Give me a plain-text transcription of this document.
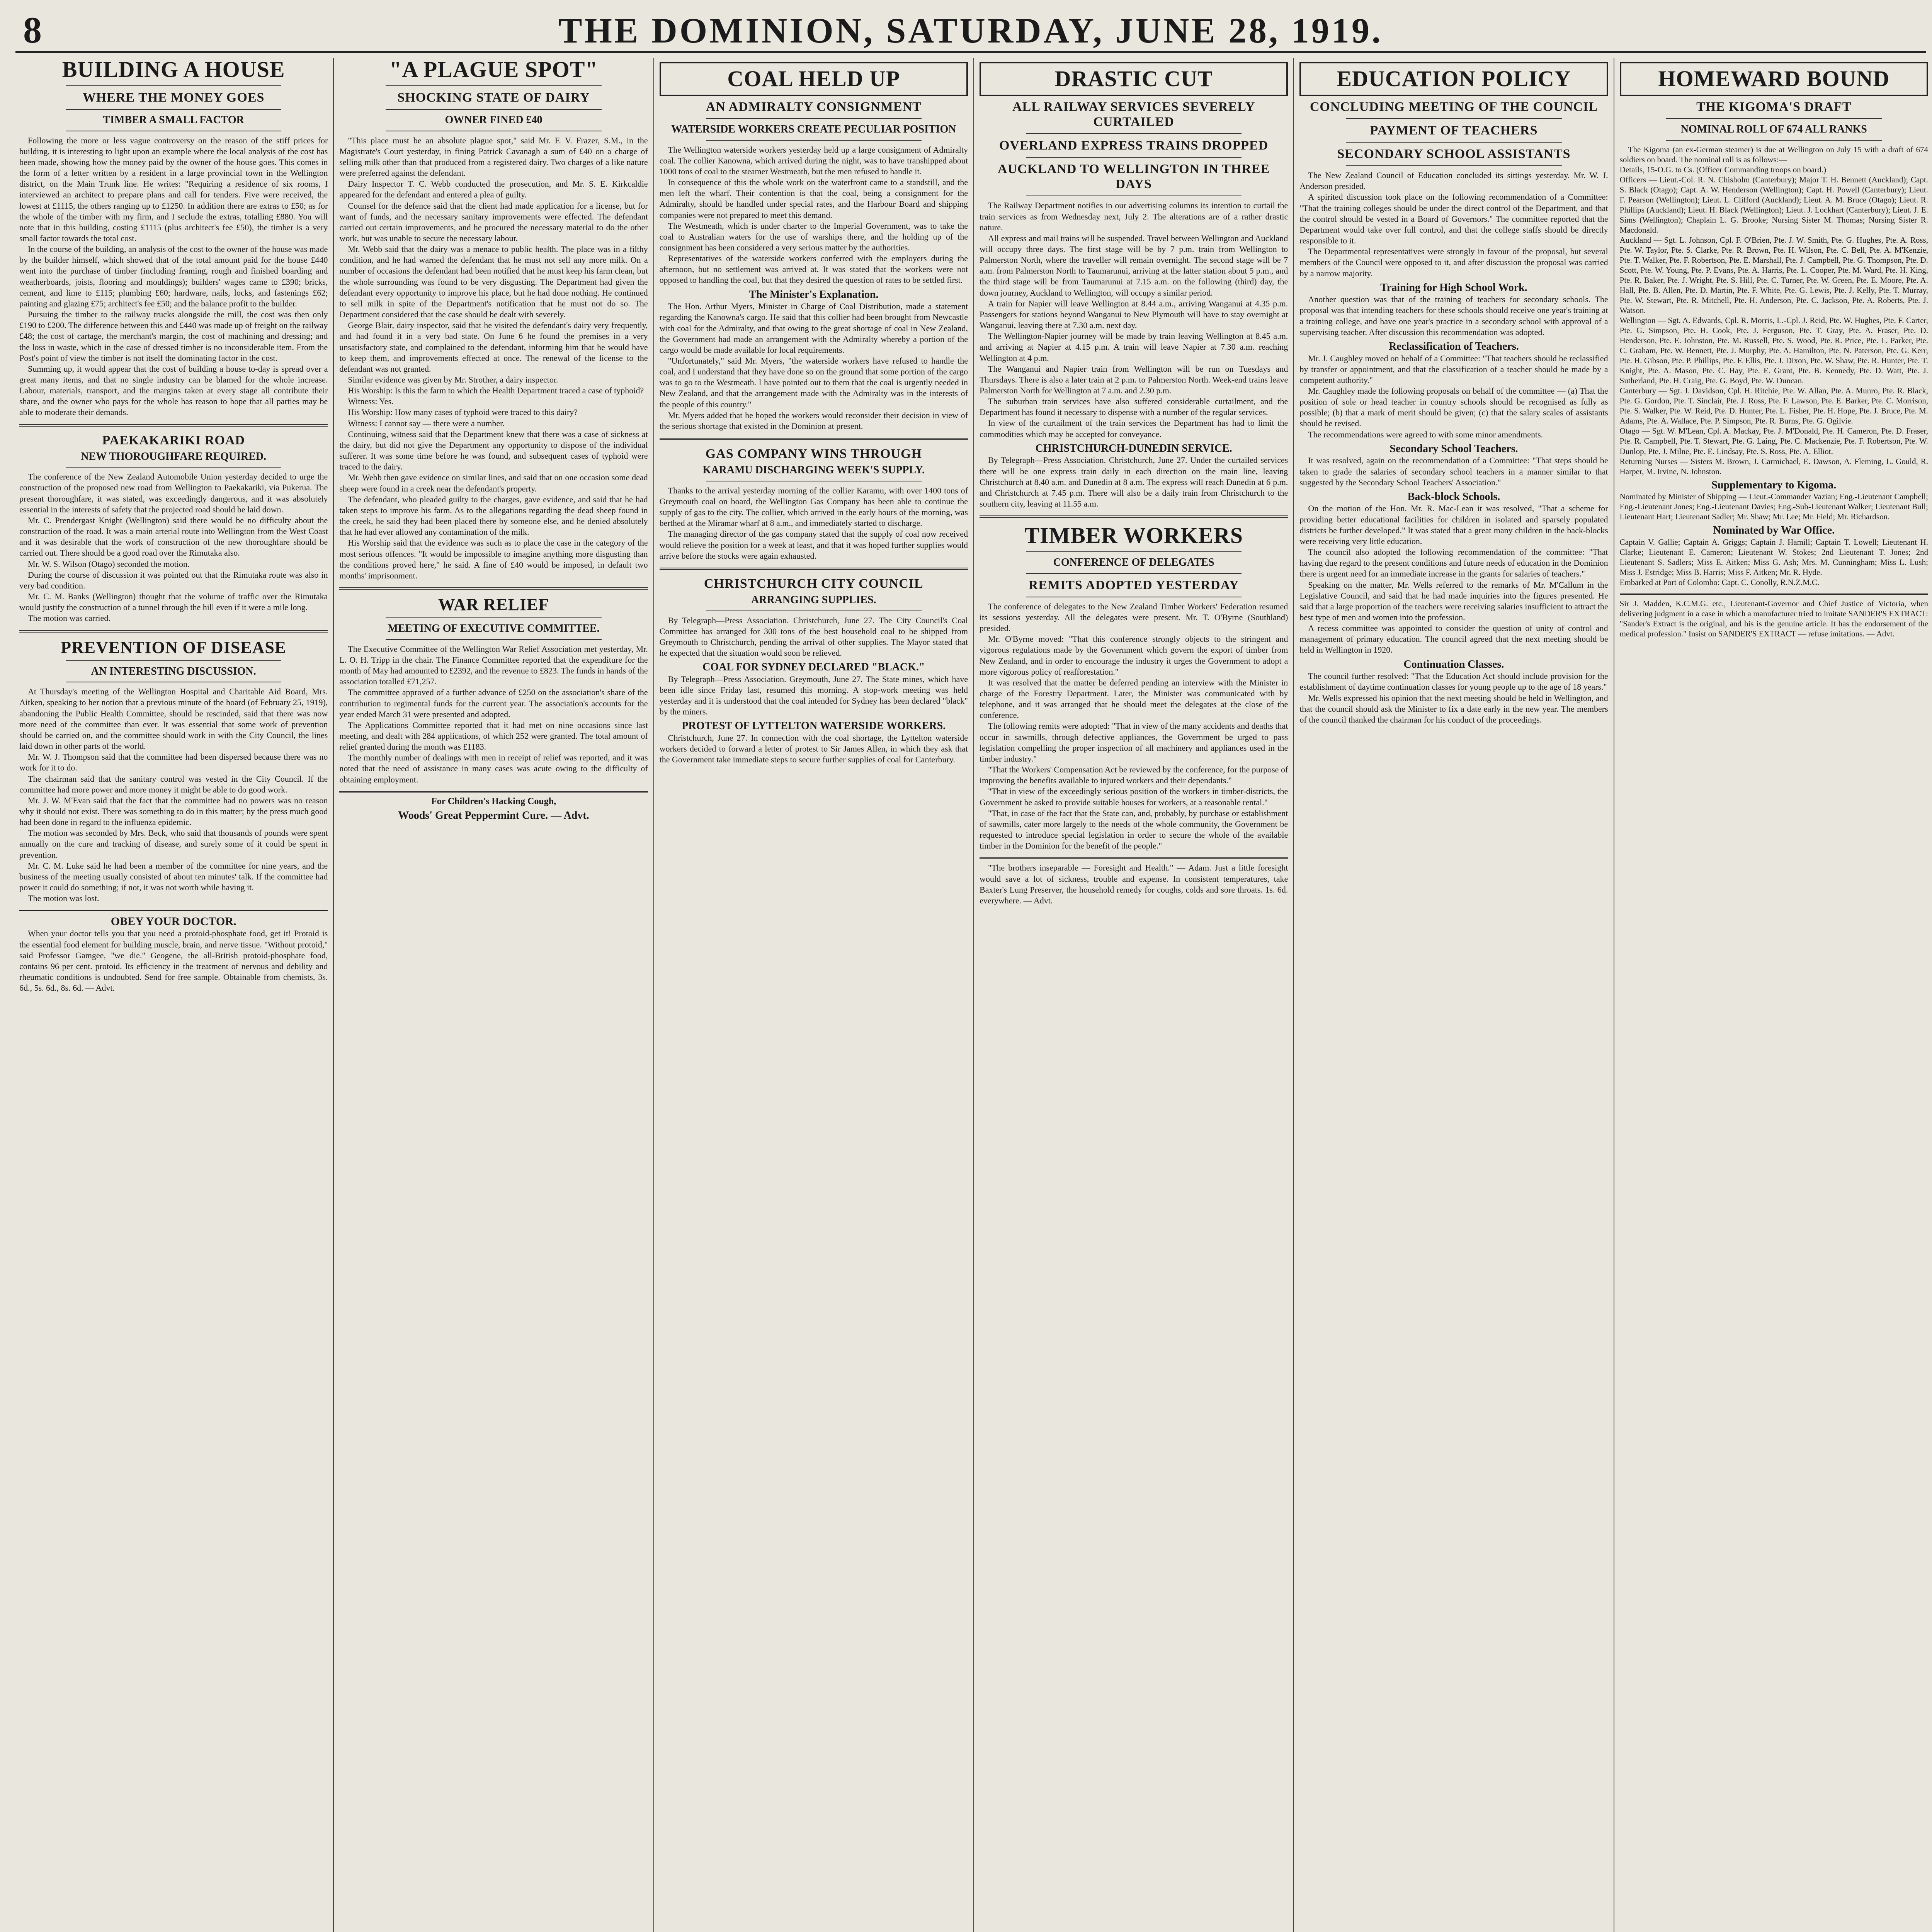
8	THE DOMINION, SATURDAY, JUNE 28, 1919.
BUILDING A HOUSE
WHERE THE MONEY GOES
TIMBER A SMALL FACTOR

Following the more or less vague controversy on the reason of the stiff prices for building, it is interesting to light upon an example where the local analysis of the cost has been made, showing how the money paid by the owner of the house goes. This comes in the form of a letter written by a resident in a large provincial town in the Wellington district, on the Main Trunk line. He writes: "Requiring a residence of six rooms, I interviewed an architect to prepare plans and call for tenders. Five were received, the lowest at £1115, the others ranging up to £1250. In addition there are extras to £50; as for the whole of the timber with my firm, and I seclude the extras, totalling £880. You will note that in this building, costing £1115 (plus architect's fee £50), the timber is a very small factor towards the total cost.

In the course of the building, an analysis of the cost to the owner of the house was made by the builder himself, which showed that of the total amount paid for the house £440 went into the purchase of timber (including framing, rough and finished boarding and weatherboards, joists, flooring and mouldings); builders' wages came to £390; bricks, cement, and lime to £115; plumbing £60; hardware, nails, locks, and fastenings £62; painting and glazing £75; architect's fee £50; and the balance profit to the builder.

Pursuing the timber to the railway trucks alongside the mill, the cost was then only £190 to £200. The difference between this and £440 was made up of freight on the railway £48; the cost of cartage, the merchant's margin, the cost of machining and dressing; and the loss in waste, which in the case of dressed timber is no inconsiderable item. From the Post's point of view the timber is not itself the dominating factor in the cost.

Summing up, it would appear that the cost of building a house to-day is spread over a great many items, and that no single industry can be blamed for the whole increase. Labour, materials, transport, and the margins taken at every stage all contribute their share, and the owner who pays for the whole has reason to hope that all parties may be able to moderate their demands.

PAEKAKARIKI ROAD
NEW THOROUGHFARE REQUIRED.

The conference of the New Zealand Automobile Union yesterday decided to urge the construction of the proposed new road from Wellington to Paekakariki, via Pukerua. The present thoroughfare, it was stated, was exceedingly dangerous, and it was absolutely essential in the interests of safety that the projected road should be laid down.

Mr. C. Prendergast Knight (Wellington) said there would be no difficulty about the construction of the road. It was a main arterial route into Wellington from the West Coast and it was desirable that the work of construction of the new thoroughfare should be carried out. There should be a good road over the Rimutaka also.

Mr. W. S. Wilson (Otago) seconded the motion.

During the course of discussion it was pointed out that the Rimutaka route was also in very bad condition.

Mr. C. M. Banks (Wellington) thought that the volume of traffic over the Rimutaka would justify the construction of a tunnel through the hill even if it were a mile long.

The motion was carried.

PREVENTION OF DISEASE
AN INTERESTING DISCUSSION.

At Thursday's meeting of the Wellington Hospital and Charitable Aid Board, Mrs. Aitken, speaking to her notion that a previous minute of the board (of February 25, 1919), abandoning the Public Health Committee, should be rescinded, said that there was now more need of the committee than ever. It was essential that some work of prevention should be carried on, and the committee should work in with the City Council, the lines laid down in other parts of the world.

Mr. W. J. Thompson said that the committee had been dispersed because there was no work for it to do.

The chairman said that the sanitary control was vested in the City Council. If the committee had more power and more money it might be able to do good work.

Mr. J. W. M'Evan said that the fact that the committee had no powers was no reason why it should not exist. There was something to do in this matter; by the press much good had been done in regard to the influenza epidemic.

The motion was seconded by Mrs. Beck, who said that thousands of pounds were spent annually on the cure and tracking of disease, and surely some of it could be spent in prevention.

Mr. C. M. Luke said he had been a member of the committee for nine years, and the business of the meeting usually consisted of about ten minutes' talk. If the committee had power it could do something; if not, it was not worth while having it.

The motion was lost.

OBEY YOUR DOCTOR.

When your doctor tells you that you need a protoid-phosphate food, get it! Protoid is the essential food element for building muscle, brain, and nerve tissue. "Without protoid," said Professor Gamgee, "we die." Geogene, the all-British protoid-phosphate food, contains 96 per cent. protoid. Its efficiency in the treatment of nervous and debility and rheumatic conditions is undoubted. Send for free sample. Obtainable from chemists, 3s. 6d., 5s. 6d., 8s. 6d. — Advt.

"A PLAGUE SPOT"
SHOCKING STATE OF DAIRY
OWNER FINED £40

"This place must be an absolute plague spot," said Mr. F. V. Frazer, S.M., in the Magistrate's Court yesterday, in fining Patrick Cavanagh a sum of £40 on a charge of selling milk other than that produced from a registered dairy. Two charges of a like nature were preferred against the defendant.

Dairy Inspector T. C. Webb conducted the prosecution, and Mr. S. E. Kirkcaldie appeared for the defendant and entered a plea of guilty.

Counsel for the defence said that the client had made application for a license, but for want of funds, and the necessary sanitary improvements were effected. The defendant carried out certain improvements, and he procured the necessary material to do the other work, but was unable to secure the necessary labour.

Mr. Webb said that the dairy was a menace to public health. The place was in a filthy condition, and he had warned the defendant that he must not sell any more milk. On a number of occasions the defendant had been notified that he must keep his farm clean, but the whole surrounding was found to be very disgusting. The Department had given the defendant every opportunity to improve his place, but he had done nothing. He continued to sell milk in spite of the Department's notification that he must not do so. The Department considered that the case should be dealt with severely.

George Blair, dairy inspector, said that he visited the defendant's dairy very frequently, and had found it in a very bad state. On June 6 he found the premises in a very unsatisfactory state, and complained to the defendant, informing him that he would have to keep them, and improvements effected at once. The renewal of the license to the defendant was not granted.

Similar evidence was given by Mr. Strother, a dairy inspector.

His Worship: Is this the farm to which the Health Department traced a case of typhoid?

Witness: Yes.

His Worship: How many cases of typhoid were traced to this dairy?

Witness: I cannot say — there were a number.

Continuing, witness said that the Department knew that there was a case of sickness at the dairy, but did not give the Department any opportunity to dispose of the individual sufferer. It was some time before he was found, and subsequent cases of typhoid were traced to the dairy.

Mr. Webb then gave evidence on similar lines, and said that on one occasion some dead sheep were found in a creek near the defendant's property.

The defendant, who pleaded guilty to the charges, gave evidence, and said that he had taken steps to improve his farm. As to the allegations regarding the dead sheep found in the creek, he said they had been placed there by someone else, and he denied absolutely that he had ever allowed any contamination of the milk.

His Worship said that the evidence was such as to place the case in the category of the most serious offences. "It would be impossible to imagine anything more disgusting than the conditions proved here," he said. A fine of £40 would be imposed, in default two months' imprisonment.

WAR RELIEF
MEETING OF EXECUTIVE COMMITTEE.

The Executive Committee of the Wellington War Relief Association met yesterday, Mr. L. O. H. Tripp in the chair. The Finance Committee reported that the expenditure for the month of May had amounted to £2392, and the revenue to £823. The funds in hands of the association totalled £71,257.

The committee approved of a further advance of £250 on the association's share of the contribution to regimental funds for the current year. The association's accounts for the year ended March 31 were presented and adopted.

The Applications Committee reported that it had met on nine occasions since last meeting, and dealt with 284 applications, of which 252 were granted. The total amount of relief granted during the month was £1183.

The monthly number of dealings with men in receipt of relief was reported, and it was noted that the need of assistance in many cases was acute owing to the difficulty of obtaining employment.

For Children's Hacking Cough,
Woods' Great Peppermint Cure. — Advt.
COAL HELD UP
AN ADMIRALTY CONSIGNMENT
WATERSIDE WORKERS CREATE PECULIAR POSITION

The Wellington waterside workers yesterday held up a large consignment of Admiralty coal. The collier Kanowna, which arrived during the night, was to have transhipped about 1000 tons of coal to the steamer Westmeath, but the men refused to handle it.

In consequence of this the whole work on the waterfront came to a standstill, and the men left the wharf. Their contention is that the coal, being a consignment for the Admiralty, should be handled under special rates, and the Harbour Board and shipping companies were not prepared to meet this demand.

The Westmeath, which is under charter to the Imperial Government, was to take the coal to Australian waters for the use of warships there, and the holding up of the consignment has been considered a very serious matter by the authorities.

Representatives of the waterside workers conferred with the employers during the afternoon, but no settlement was arrived at. It was stated that the workers were not opposed to handling the coal, but that they desired the question of rates to be settled first.

The Minister's Explanation.

The Hon. Arthur Myers, Minister in Charge of Coal Distribution, made a statement regarding the Kanowna's cargo. He said that this collier had been brought from Newcastle with coal for the Admiralty, and that owing to the great shortage of coal in New Zealand, the Government had made an arrangement with the Admiralty whereby a portion of the cargo would be made available for local requirements.

"Unfortunately," said Mr. Myers, "the waterside workers have refused to handle the coal, and I understand that they have done so on the ground that some portion of the cargo was to go to the Westmeath. I have pointed out to them that the coal is urgently needed in New Zealand, and that the arrangement made with the Admiralty was in the interests of the people of this country."

Mr. Myers added that he hoped the workers would reconsider their decision in view of the serious shortage that existed in the Dominion at present.

GAS COMPANY WINS THROUGH
KARAMU DISCHARGING WEEK'S SUPPLY.

Thanks to the arrival yesterday morning of the collier Karamu, with over 1400 tons of Greymouth coal on board, the Wellington Gas Company has been able to continue the supply of gas to the city. The collier, which arrived in the early hours of the morning, was berthed at the Miramar wharf at 8 a.m., and immediately started to discharge.

The managing director of the gas company stated that the supply of coal now received would relieve the position for a week at least, and that it was hoped further supplies would arrive before the stocks were again exhausted.

CHRISTCHURCH CITY COUNCIL
ARRANGING SUPPLIES.

By Telegraph—Press Association. Christchurch, June 27. The City Council's Coal Committee has arranged for 300 tons of the best household coal to be shipped from Greymouth to Christchurch, pending the arrival of other supplies. The Mayor stated that he expected that the situation would soon be relieved.

COAL FOR SYDNEY DECLARED "BLACK."

By Telegraph—Press Association. Greymouth, June 27. The State mines, which have been idle since Friday last, resumed this morning. A stop-work meeting was held yesterday and it is understood that the coal intended for Sydney has been declared "black" by the miners.

PROTEST OF LYTTELTON WATERSIDE WORKERS.

Christchurch, June 27. In connection with the coal shortage, the Lyttelton waterside workers decided to forward a letter of protest to Sir James Allen, in which they ask that the Government take immediate steps to secure further supplies of coal for Canterbury.

DRASTIC CUT
ALL RAILWAY SERVICES SEVERELY CURTAILED
OVERLAND EXPRESS TRAINS DROPPED
AUCKLAND TO WELLINGTON IN THREE DAYS

The Railway Department notifies in our advertising columns its intention to curtail the train services as from Wednesday next, July 2. The alterations are of a rather drastic nature.

All express and mail trains will be suspended. Travel between Wellington and Auckland will occupy three days. The first stage will be by 7 p.m. train from Wellington to Palmerston North, where the traveller will remain overnight. The second stage will be 7 a.m. from Palmerston North to Taumarunui, arriving at the latter station about 5 p.m., and the third stage will be from Taumarunui at 7.15 a.m. on the following (third) day, the down journey, Auckland to Wellington, will occupy a similar period.

A train for Napier will leave Wellington at 8.44 a.m., arriving Wanganui at 4.35 p.m. Passengers for stations beyond Wanganui to New Plymouth will have to stay overnight at Wanganui, leaving there at 7.30 a.m. next day.

The Wellington-Napier journey will be made by train leaving Wellington at 8.45 a.m. and arriving at Napier at 4.15 p.m. A train will leave Napier at 7.30 a.m. reaching Wellington at 4 p.m.

The Wanganui and Napier train from Wellington will be run on Tuesdays and Thursdays. There is also a later train at 2 p.m. to Palmerston North. Week-end trains leave Palmerston North for Wellington at 7 a.m. and 2.30 p.m.

The suburban train services have also suffered considerable curtailment, and the Department has found it necessary to dispense with a number of the regular services.

In view of the curtailment of the train services the Department has had to limit the commodities which may be accepted for conveyance.

CHRISTCHURCH-DUNEDIN SERVICE.

By Telegraph—Press Association. Christchurch, June 27. Under the curtailed services there will be one express train daily in each direction on the main line, leaving Christchurch at 8.40 a.m. and Dunedin at 8 a.m. The express will reach Dunedin at 6 p.m. and Christchurch at 7.45 p.m. There will also be a daily train from Christchurch to the southern city, leaving at 11.55 a.m.

TIMBER WORKERS
CONFERENCE OF DELEGATES
REMITS ADOPTED YESTERDAY

The conference of delegates to the New Zealand Timber Workers' Federation resumed its sessions yesterday. All the delegates were present. Mr. T. O'Byrne (Southland) presided.

Mr. O'Byrne moved: "That this conference strongly objects to the stringent and vigorous regulations made by the Government which govern the export of timber from New Zealand, and in order to encourage the industry it urges the Government to adopt a more vigorous policy of reafforestation."

It was resolved that the matter be deferred pending an interview with the Minister in charge of the Forestry Department. Later, the Minister was communicated with by telephone, and it was arranged that he should meet the delegates at the close of the conference.

The following remits were adopted: "That in view of the many accidents and deaths that occur in sawmills, through defective appliances, the Government be urged to pass legislation compelling the proper inspection of all machinery and appliances used in the timber industry."

"That the Workers' Compensation Act be reviewed by the conference, for the purpose of improving the benefits available to injured workers and their dependants."

"That in view of the exceedingly serious position of the workers in timber-districts, the Government be asked to provide suitable houses for workers, at a reasonable rental."

"That, in case of the fact that the State can, and, probably, by purchase or establishment of sawmills, cater more largely to the needs of the whole community, the Government be requested to introduce special legislation in order to secure the whole of the available timber in the Dominion for the benefit of the people."

"The brothers inseparable — Foresight and Health." — Adam. Just a little foresight would save a lot of sickness, trouble and expense. In consistent temperatures, take Baxter's Lung Preserver, the household remedy for coughs, colds and sore throats. 1s. 6d. everywhere. — Advt.

EDUCATION POLICY
CONCLUDING MEETING OF THE COUNCIL
PAYMENT OF TEACHERS
SECONDARY SCHOOL ASSISTANTS

The New Zealand Council of Education concluded its sittings yesterday. Mr. W. J. Anderson presided.

A spirited discussion took place on the following recommendation of a Committee: "That the training colleges should be under the direct control of the Department, and that the control should be vested in a Board of Governors." The committee reported that the Department would take over full control, and that the college staffs should be directly responsible to it.

The Departmental representatives were strongly in favour of the proposal, but several members of the Council were opposed to it, and after discussion the proposal was carried by a narrow majority.

Training for High School Work.

Another question was that of the training of teachers for secondary schools. The proposal was that intending teachers for these schools should receive one year's training at a training college, and have one year's practice in a secondary school with approval of a supervising teacher. After discussion this recommendation was adopted.

Reclassification of Teachers.

Mr. J. Caughley moved on behalf of a Committee: "That teachers should be reclassified by transfer or appointment, and that the classification of a teacher should be made by a competent authority."

Mr. Caughley made the following proposals on behalf of the committee — (a) That the position of sole or head teacher in country schools should be recognised as fully as possible; (b) that a mark of merit should be given; (c) that the salary scales of assistants should be revised.

The recommendations were agreed to with some minor amendments.

Secondary School Teachers.

It was resolved, again on the recommendation of a Committee: "That steps should be taken to grade the salaries of secondary school teachers in a manner similar to that suggested by the Secondary School Teachers' Association."

Back-block Schools.

On the motion of the Hon. Mr. R. Mac-Lean it was resolved, "That a scheme for providing better educational facilities for children in isolated and sparsely populated districts be further developed." It was stated that a great many children in the back-blocks were receiving very little education.

The council also adopted the following recommendation of the committee: "That having due regard to the present conditions and future needs of education in the Dominion there is urgent need for an immediate increase in the grants for salaries of teachers."

Speaking on the matter, Mr. Wells referred to the remarks of Mr. M'Callum in the Legislative Council, and said that he had made inquiries into the figures presented. He said that a large proportion of the teachers were receiving salaries insufficient to attract the best type of men and women into the profession.

A recess committee was appointed to consider the question of unity of control and management of primary education. The council agreed that the next meeting should be held in Wellington in 1920.

Continuation Classes.

The council further resolved: "That the Education Act should include provision for the establishment of daytime continuation classes for young people up to the age of 18 years."

Mr. Wells expressed his opinion that the next meeting should be held in Wellington, and that the council should ask the Minister to fix a date early in the new year. The members of the council thanked the chairman for his conduct of the proceedings.

HOMEWARD BOUND
THE KIGOMA'S DRAFT
NOMINAL ROLL OF 674 ALL RANKS

The Kigoma (an ex-German steamer) is due at Wellington on July 15 with a draft of 674 soldiers on board. The nominal roll is as follows:—

Details, 15-O.G. to Cs. (Officer Commanding troops on board.)

Officers — Lieut.-Col. R. N. Chisholm (Canterbury); Major T. H. Bennett (Auckland); Capt. S. Black (Otago); Capt. A. W. Henderson (Wellington); Capt. H. Powell (Canterbury); Lieut. F. Pearson (Wellington); Lieut. L. Clifford (Auckland); Lieut. A. M. Bruce (Otago); Lieut. R. Phillips (Auckland); Lieut. H. Black (Wellington); Lieut. J. Lockhart (Canterbury); Lieut. J. E. Sims (Wellington); Chaplain L. G. Brooke; Nursing Sister M. Thomas; Nursing Sister R. Macdonald.

Auckland — Sgt. L. Johnson, Cpl. F. O'Brien, Pte. J. W. Smith, Pte. G. Hughes, Pte. A. Ross, Pte. W. Taylor, Pte. S. Clarke, Pte. R. Brown, Pte. H. Wilson, Pte. C. Bell, Pte. A. M'Kenzie, Pte. T. Walker, Pte. F. Robertson, Pte. E. Marshall, Pte. J. Campbell, Pte. G. Thompson, Pte. D. Scott, Pte. W. Young, Pte. P. Evans, Pte. A. Harris, Pte. L. Cooper, Pte. M. Ward, Pte. H. King, Pte. R. Baker, Pte. J. Wright, Pte. S. Hill, Pte. C. Turner, Pte. W. Green, Pte. E. Moore, Pte. A. Hall, Pte. B. Allen, Pte. D. Martin, Pte. F. White, Pte. G. Lewis, Pte. J. Kelly, Pte. T. Murray, Pte. W. Stewart, Pte. R. Mitchell, Pte. H. Anderson, Pte. C. Jackson, Pte. A. Roberts, Pte. J. Watson.

Wellington — Sgt. A. Edwards, Cpl. R. Morris, L.-Cpl. J. Reid, Pte. W. Hughes, Pte. F. Carter, Pte. G. Simpson, Pte. H. Cook, Pte. J. Ferguson, Pte. T. Gray, Pte. A. Fraser, Pte. D. Henderson, Pte. E. Johnston, Pte. M. Russell, Pte. S. Wood, Pte. R. Price, Pte. L. Parker, Pte. C. Graham, Pte. W. Bennett, Pte. J. Murphy, Pte. A. Hamilton, Pte. N. Paterson, Pte. G. Kerr, Pte. H. Gibson, Pte. P. Phillips, Pte. F. Ellis, Pte. J. Dixon, Pte. W. Shaw, Pte. R. Hunter, Pte. T. Knight, Pte. A. Mason, Pte. C. Hay, Pte. E. Grant, Pte. B. Kennedy, Pte. D. Watt, Pte. J. Sutherland, Pte. H. Craig, Pte. G. Boyd, Pte. W. Duncan.

Canterbury — Sgt. J. Davidson, Cpl. H. Ritchie, Pte. W. Allan, Pte. A. Munro, Pte. R. Black, Pte. G. Gordon, Pte. T. Sinclair, Pte. J. Ross, Pte. F. Lawson, Pte. E. Barker, Pte. C. Morrison, Pte. S. Walker, Pte. W. Reid, Pte. D. Hunter, Pte. L. Fisher, Pte. H. Hope, Pte. J. Bruce, Pte. M. Adams, Pte. A. Wallace, Pte. P. Simpson, Pte. R. Burns, Pte. G. Ogilvie.

Otago — Sgt. W. M'Lean, Cpl. A. Mackay, Pte. J. M'Donald, Pte. H. Cameron, Pte. D. Fraser, Pte. R. Campbell, Pte. T. Stewart, Pte. G. Laing, Pte. C. Mackenzie, Pte. F. Robertson, Pte. W. Dunlop, Pte. J. Milne, Pte. E. Lindsay, Pte. S. Ross, Pte. A. Elliot.

Returning Nurses — Sisters M. Brown, J. Carmichael, E. Dawson, A. Fleming, L. Gould, R. Harper, M. Irvine, N. Johnston.

Supplementary to Kigoma.

Nominated by Minister of Shipping — Lieut.-Commander Vazian; Eng.-Lieutenant Campbell; Eng.-Lieutenant Jones; Eng.-Lieutenant Davies; Eng.-Sub-Lieutenant Walker; Lieutenant Bull; Lieutenant Hart; Lieutenant Sadler; Mr. Shaw; Mr. Lee; Mr. Field; Mr. Richardson.

Nominated by War Office.

Captain V. Gallie; Captain A. Griggs; Captain J. Hamill; Captain T. Lowell; Lieutenant H. Clarke; Lieutenant E. Cameron; Lieutenant W. Stokes; 2nd Lieutenant T. Jones; 2nd Lieutenant S. Sadlers; Miss E. Aitken; Miss G. Ash; Mrs. M. Cunningham; Miss L. Lush; Miss J. Estridge; Miss B. Harris; Miss F. Aitken; Mr. R. Hyde.

Embarked at Port of Colombo: Capt. C. Conolly, R.N.Z.M.C.

Sir J. Madden, K.C.M.G. etc., Lieutenant-Governor and Chief Justice of Victoria, when delivering judgment in a case in which a manufacturer tried to imitate SANDER'S EXTRACT: "Sander's Extract is the original, and his is the genuine article. It has the endorsement of the medical profession." Insist on SANDER'S EXTRACT — refuse imitations. — Advt.
